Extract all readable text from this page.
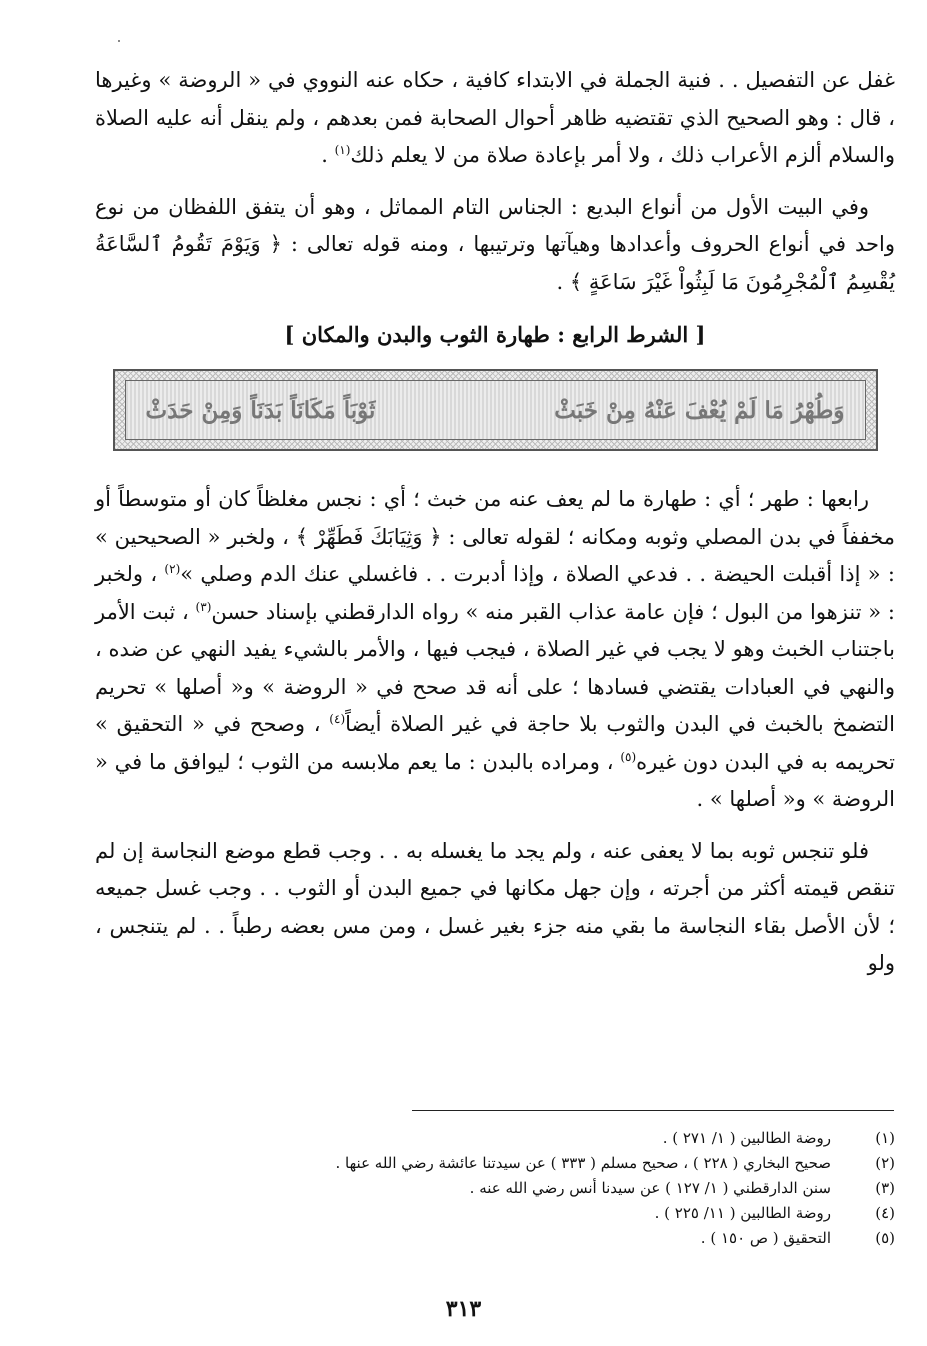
غفل عن التفصيل . . فنية الجملة في الابتداء كافية ، حكاه عنه النووي في « الروضة » وغيرها ، قال : وهو الصحيح الذي تقتضيه ظاهر أحوال الصحابة فمن بعدهم ، ولم ينقل أنه عليه الصلاة والسلام ألزم الأعراب ذلك ، ولا أمر بإعادة صلاة من لا يعلم ذلك$^{(١)}$ .

وفي البيت الأول من أنواع البديع : الجناس التام المماثل ، وهو أن يتفق اللفظان من نوع واحد في أنواع الحروف وأعدادها وهيآتها وترتيبها ، ومنه قوله تعالى : ﴿ وَيَوْمَ تَقُومُ ٱلسَّاعَةُ يُقْسِمُ ٱلْمُجْرِمُونَ مَا لَبِثُواْ غَيْرَ سَاعَةٍ ﴾ .

[ الشرط الرابع : طهارة الثوب والبدن والمكان ]
وَطُهْرُ مَا لَمْ يُعْفَ عَنْهُ مِنْ خَبَثْ
ثَوْبَاً مَكَانَاً بَدَنَاً وَمِنْ حَدَثْ

رابعها : طهر ؛ أي : طهارة ما لم يعف عنه من خبث ؛ أي : نجس مغلظاً كان أو متوسطاً أو مخففاً في بدن المصلي وثوبه ومكانه ؛ لقوله تعالى : ﴿ وَثِيَابَكَ فَطَهِّرْ ﴾ ، ولخبر « الصحيحين » : « إذا أقبلت الحيضة . . فدعي الصلاة ، وإذا أدبرت . . فاغسلي عنك الدم وصلي »$^{(٢)}$ ، ولخبر : « تنزهوا من البول ؛ فإن عامة عذاب القبر منه » رواه الدارقطني بإسناد حسن$^{(٣)}$ ، ثبت الأمر باجتناب الخبث وهو لا يجب في غير الصلاة ، فيجب فيها ، والأمر بالشيء يفيد النهي عن ضده ، والنهي في العبادات يقتضي فسادها ؛ على أنه قد صحح في « الروضة » و« أصلها » تحريم التضمخ بالخبث في البدن والثوب بلا حاجة في غير الصلاة أيضاً$^{(٤)}$ ، وصحح في « التحقيق » تحريمه به في البدن دون غيره$^{(٥)}$ ، ومراده بالبدن : ما يعم ملابسه من الثوب ؛ ليوافق ما في « الروضة » و« أصلها » .

فلو تنجس ثوبه بما لا يعفى عنه ، ولم يجد ما يغسله به . . وجب قطع موضع النجاسة إن لم تنقص قيمته أكثر من أجرته ، وإن جهل مكانها في جميع البدن أو الثوب . . وجب غسل جميعه ؛ لأن الأصل بقاء النجاسة ما بقي منه جزء بغير غسل ، ومن مس بعضه رطباً . . لم يتنجس ، ولو

(١)
روضة الطالبين ( ١/ ٢٧١ ) .
(٢)
صحيح البخاري ( ٢٢٨ ) ، صحيح مسلم ( ٣٣٣ ) عن سيدتنا عائشة رضي الله عنها .
(٣)
سنن الدارقطني ( ١/ ١٢٧ ) عن سيدنا أنس رضي الله عنه .
(٤)
روضة الطالبين ( ١١/ ٢٢٥ ) .
(٥)
التحقيق ( ص ١٥٠ ) .
٣١٣
